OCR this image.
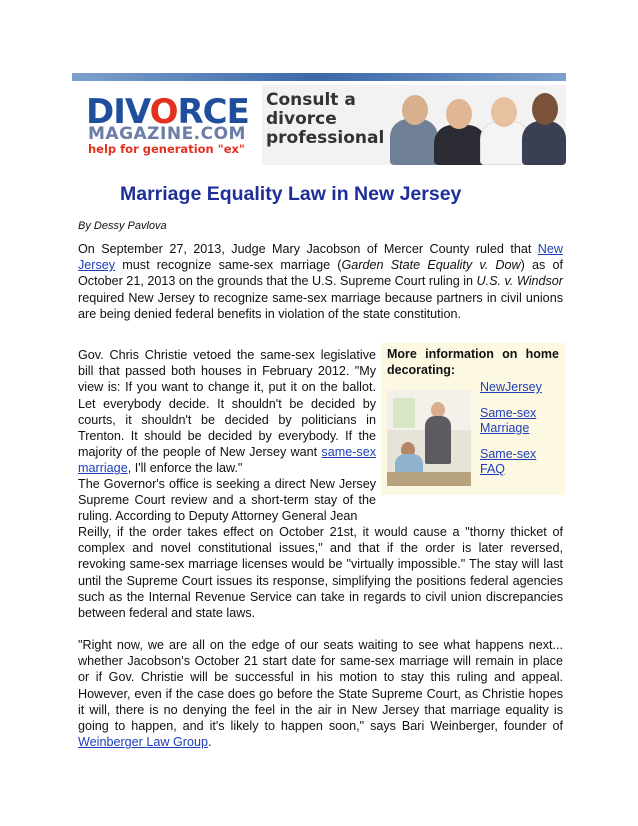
DIVORCE
MAGAZINE.COM
help for generation "ex"
Consult a
divorce
professional
Marriage Equality Law in New Jersey
By Dessy Pavlova

On September 27, 2013, Judge Mary Jacobson of Mercer County ruled that New Jersey must recognize same-sex marriage (Garden State Equality v. Dow) as of October 21, 2013 on the grounds that the U.S. Supreme Court ruling in U.S. v. Windsor required New Jersey to recognize same-sex marriage because partners in civil unions are being denied federal benefits in violation of the state constitution.

Gov. Chris Christie vetoed the same-sex legislative bill that passed both houses in February 2012. "My view is: If you want to change it, put it on the ballot. Let everybody decide. It shouldn't be decided by courts, it shouldn't be decided by politicians in Trenton. It should be decided by everybody. If the majority of the people of New Jersey want same-sex marriage, I'll enforce the law."

The Governor's office is seeking a direct New Jersey Supreme Court review and a short-term stay of the ruling. According to Deputy Attorney General Jean

Reilly, if the order takes effect on October 21st, it would cause a "thorny thicket of complex and novel constitutional issues," and that if the order is later reversed, revoking same-sex marriage licenses would be "virtually impossible." The stay will last until the Supreme Court issues its response, simplifying the positions federal agencies such as the Internal Revenue Service can take in regards to civil union discrepancies between federal and state laws.

"Right now, we are all on the edge of our seats waiting to see what happens next... whether Jacobson's October 21 start date for same-sex marriage will remain in place or if Gov. Christie will be successful in his motion to stay this ruling and appeal. However, even if the case does go before the State Supreme Court, as Christie hopes it will, there is no denying the feel in the air in New Jersey that marriage equality is going to happen, and it's likely to happen soon," says Bari Weinberger, founder of Weinberger Law Group.

More information on home decorating:
NewJersey
Same-sex Marriage
Same-sex FAQ
